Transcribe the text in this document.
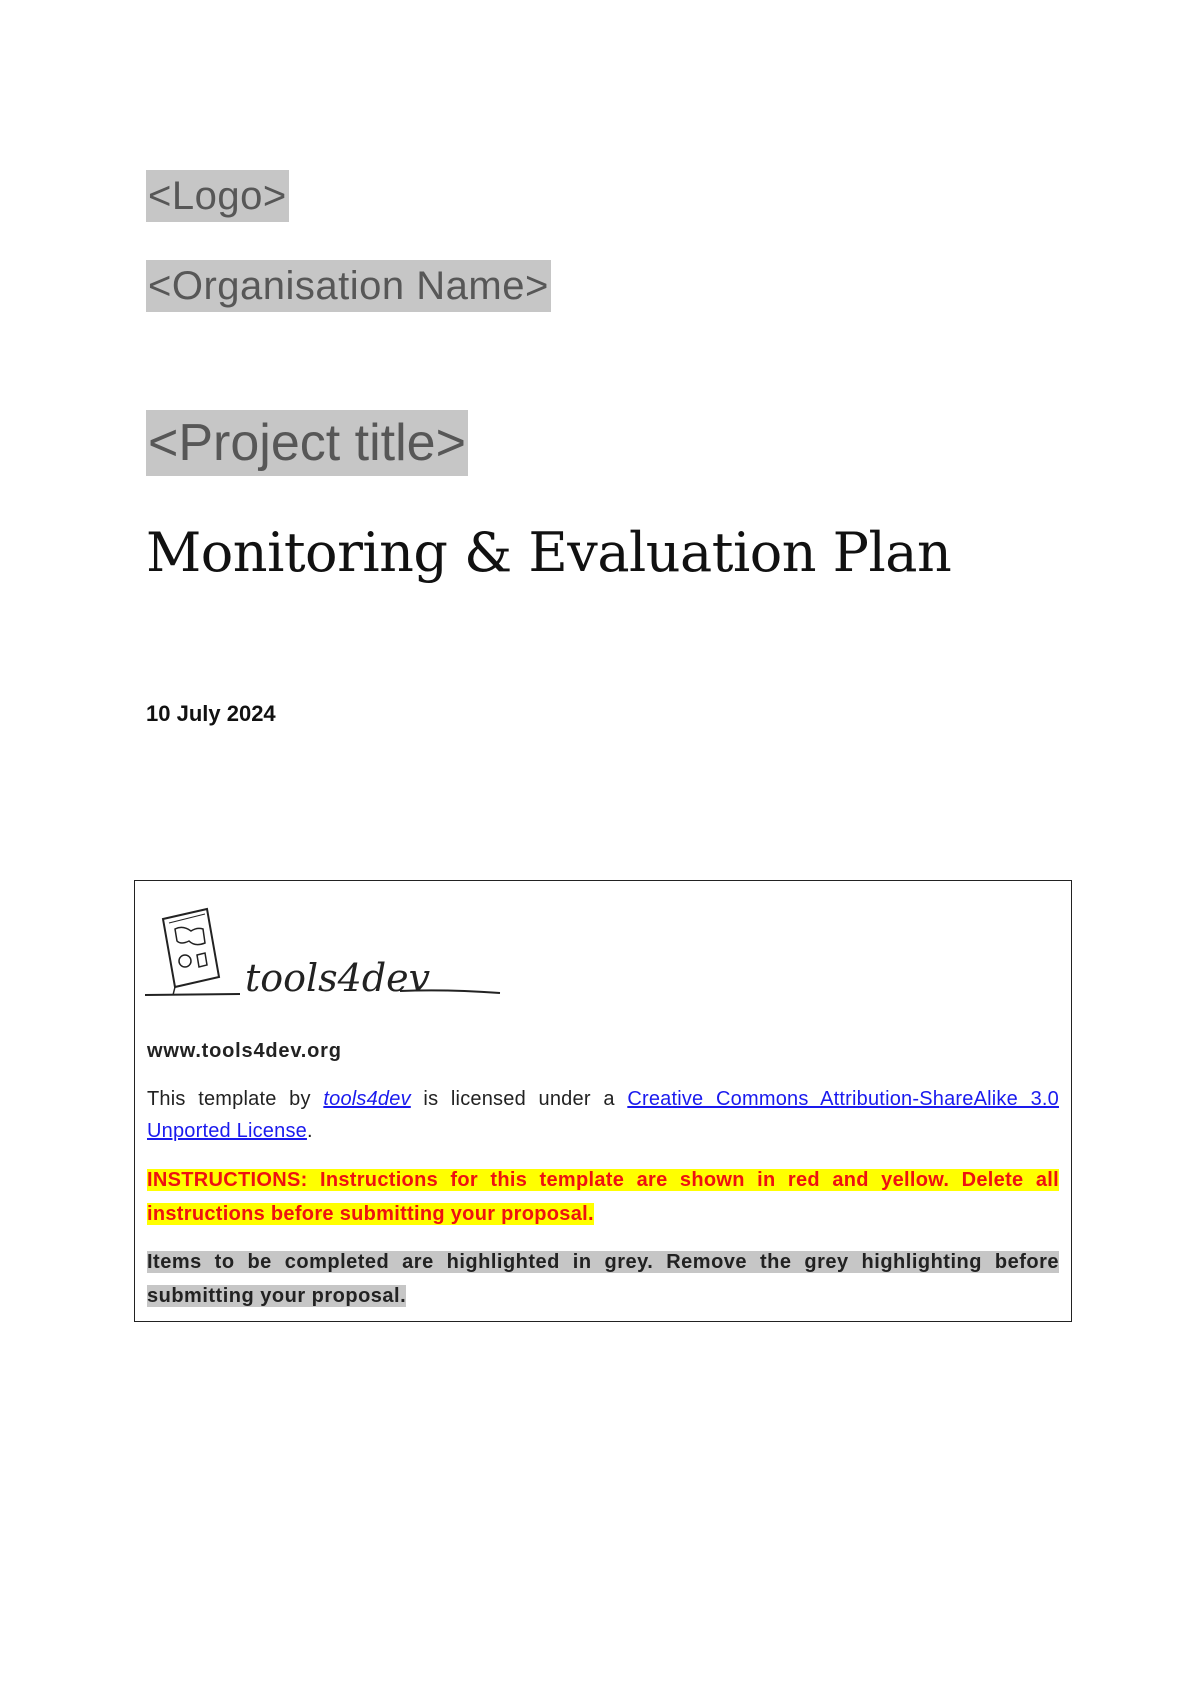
<Logo>
<Organisation Name>
<Project title>
Monitoring & Evaluation Plan
10 July 2024
tools4dev

www.tools4dev.org

This template by tools4dev is licensed under a Creative Commons Attribution-ShareAlike 3.0 Unported License.

INSTRUCTIONS: Instructions for this template are shown in red and yellow. Delete all instructions before submitting your proposal.

Items to be completed are highlighted in grey. Remove the grey highlighting before submitting your proposal.
